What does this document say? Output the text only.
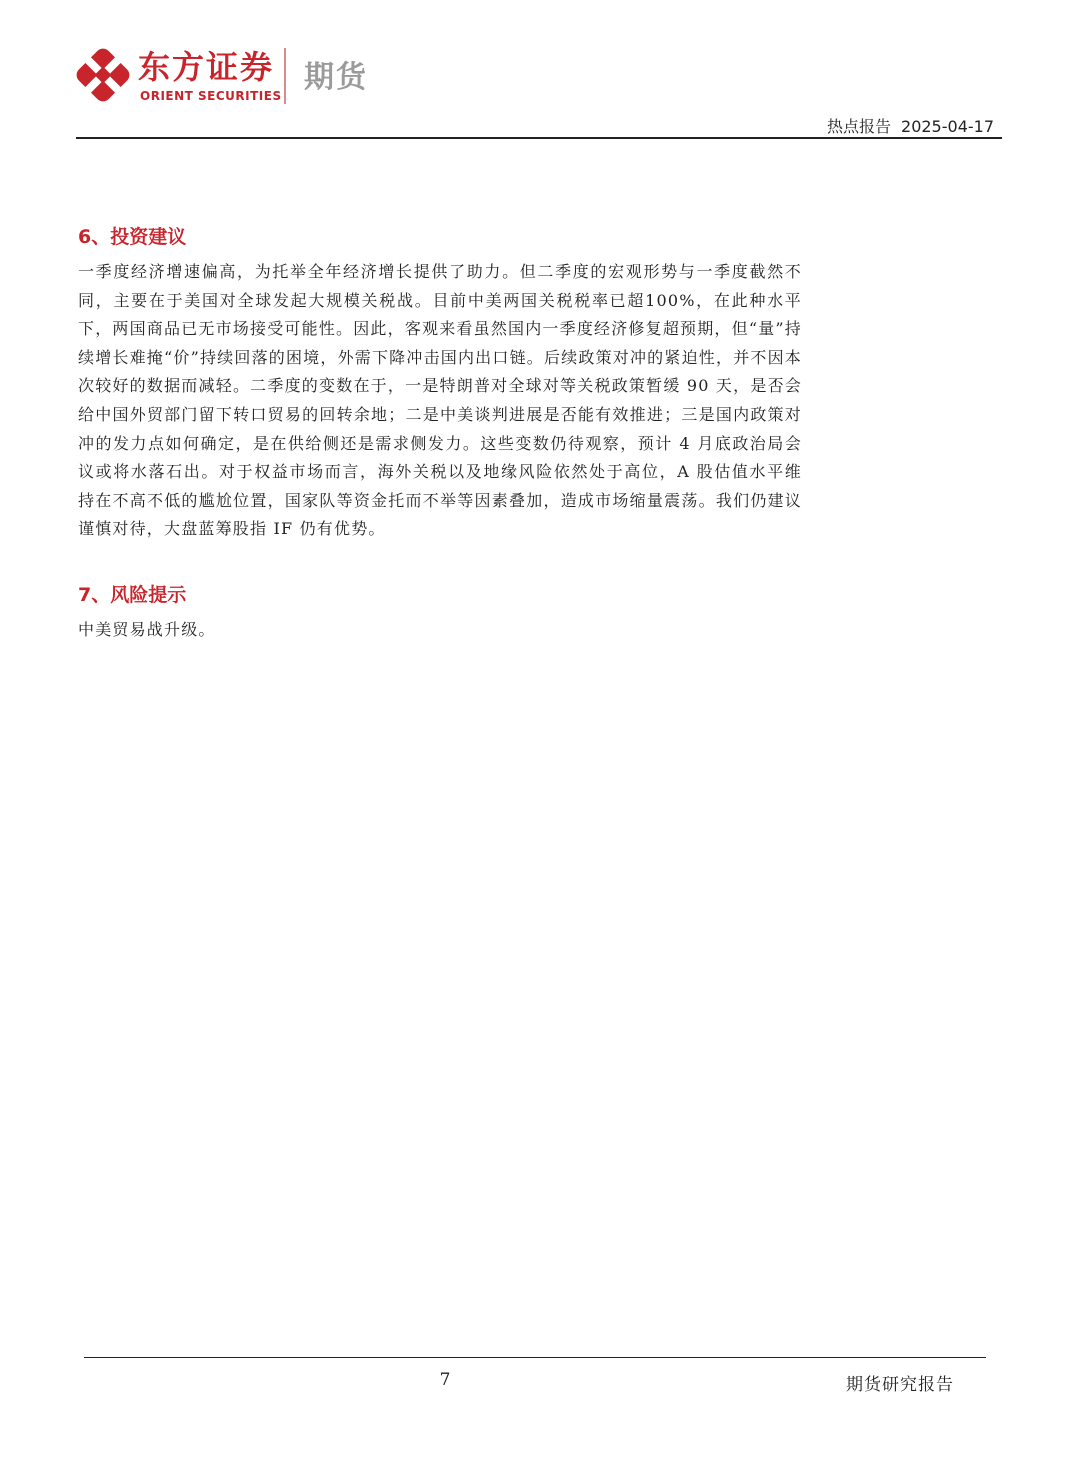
东方证券
ORIENT SECURITIES
期货
热点报告 2025-04-17
6、投资建议

一季度经济增速偏高，为托举全年经济增长提供了助力。但二季度的宏观形势与一季度截然不同，主要在于美国对全球发起大规模关税战。目前中美两国关税税率已超100%，在此种水平下，两国商品已无市场接受可能性。因此，客观来看虽然国内一季度经济修复超预期，但“量”持续增长难掩“价”持续回落的困境，外需下降冲击国内出口链。后续政策对冲的紧迫性，并不因本次较好的数据而减轻。二季度的变数在于，一是特朗普对全球对等关税政策暂缓 90 天，是否会给中国外贸部门留下转口贸易的回转余地；二是中美谈判进展是否能有效推进；三是国内政策对冲的发力点如何确定，是在供给侧还是需求侧发力。这些变数仍待观察，预计 4 月底政治局会议或将水落石出。对于权益市场而言，海外关税以及地缘风险依然处于高位，A 股估值水平维持在不高不低的尴尬位置，国家队等资金托而不举等因素叠加，造成市场缩量震荡。我们仍建议谨慎对待，大盘蓝筹股指 IF 仍有优势。

7、风险提示

中美贸易战升级。

7	期货研究报告
